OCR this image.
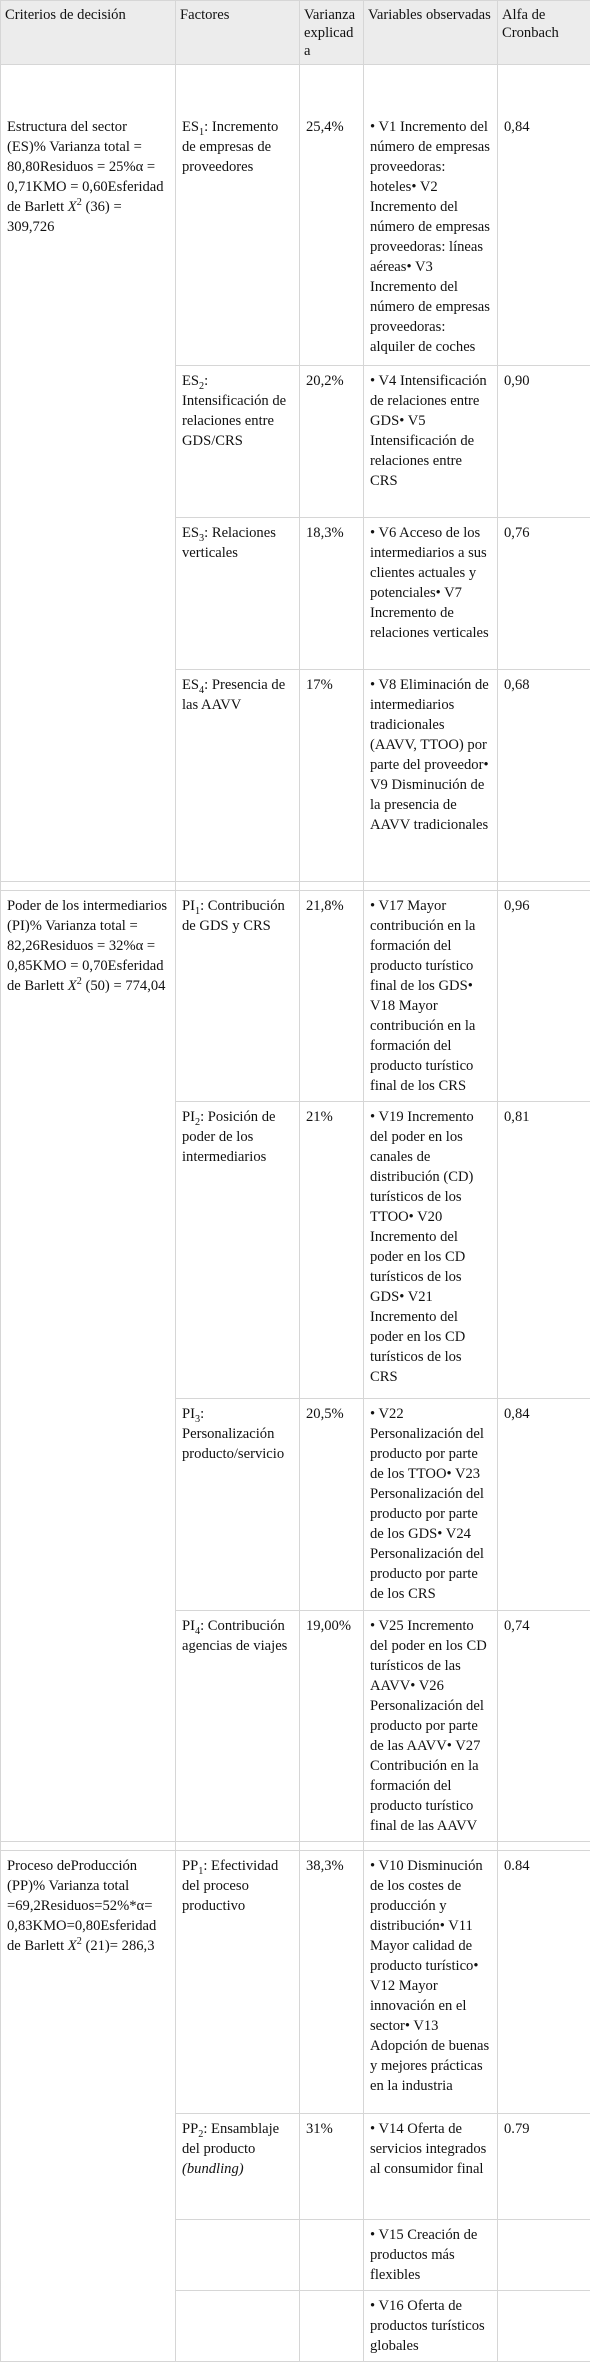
Criterios de decisión	Factores	Varianza explicada	Variables observadas	Alfa de Cronbach
Estructura del sector (ES)% Varianza total = 80,80Residuos = 25%α = 0,71KMO = 0,60Esferidad de Barlett $X^2$ (36) = 309,726	$ES_1$: Incremento de empresas de proveedores	25,4%	• V1 Incremento del número de empresas proveedoras: hoteles• V2 Incremento del número de empresas proveedoras: líneas aéreas• V3 Incremento del número de empresas proveedoras: alquiler de coches	0,84
	$ES_2$: Intensificación de relaciones entre GDS/CRS	20,2%	• V4 Intensificación de relaciones entre GDS• V5 Intensificación de relaciones entre CRS	0,90
	$ES_3$: Relaciones verticales	18,3%	• V6 Acceso de los intermediarios a sus clientes actuales y potenciales• V7 Incremento de relaciones verticales	0,76
	$ES_4$: Presencia de las AAVV	17%	• V8 Eliminación de intermediarios tradicionales (AAVV, TTOO) por parte del proveedor• V9 Disminución de la presencia de AAVV tradicionales	0,68

Poder de los intermediarios (PI)% Varianza total = 82,26Residuos = 32%α = 0,85KMO = 0,70Esferidad de Barlett $X^2$ (50) = 774,04	$PI_1$: Contribución de GDS y CRS	21,8%	• V17 Mayor contribución en la formación del producto turístico final de los GDS• V18 Mayor contribución en la formación del producto turístico final de los CRS	0,96
	$PI_2$: Posición de poder de los intermediarios	21%	• V19 Incremento del poder en los canales de distribución (CD) turísticos de los TTOO• V20 Incremento del poder en los CD turísticos de los GDS• V21 Incremento del poder en los CD turísticos de los CRS	0,81
	$PI_3$: Personalización producto/servicio	20,5%	• V22 Personalización del producto por parte de los TTOO• V23 Personalización del producto por parte de los GDS• V24 Personalización del producto por parte de los CRS	0,84
	$PI_4$: Contribución agencias de viajes	19,00%	• V25 Incremento del poder en los CD turísticos de las AAVV• V26 Personalización del producto por parte de las AAVV• V27 Contribución en la formación del producto turístico final de las AAVV	0,74

Proceso deProducción (PP)% Varianza total =69,2Residuos=52%*α= 0,83KMO=0,80Esferidad de Barlett $X^2$ (21)= 286,3	$PP_1$: Efectividad del proceso productivo	38,3%	• V10 Disminución de los costes de producción y distribución• V11 Mayor calidad de producto turístico• V12 Mayor innovación en el sector• V13 Adopción de buenas y mejores prácticas en la industria	0.84
	$PP_2$: Ensamblaje del producto (bundling)	31%	• V14 Oferta de servicios integrados al consumidor final	0.79
			• V15 Creación de productos más flexibles	
			• V16 Oferta de productos turísticos globales	
